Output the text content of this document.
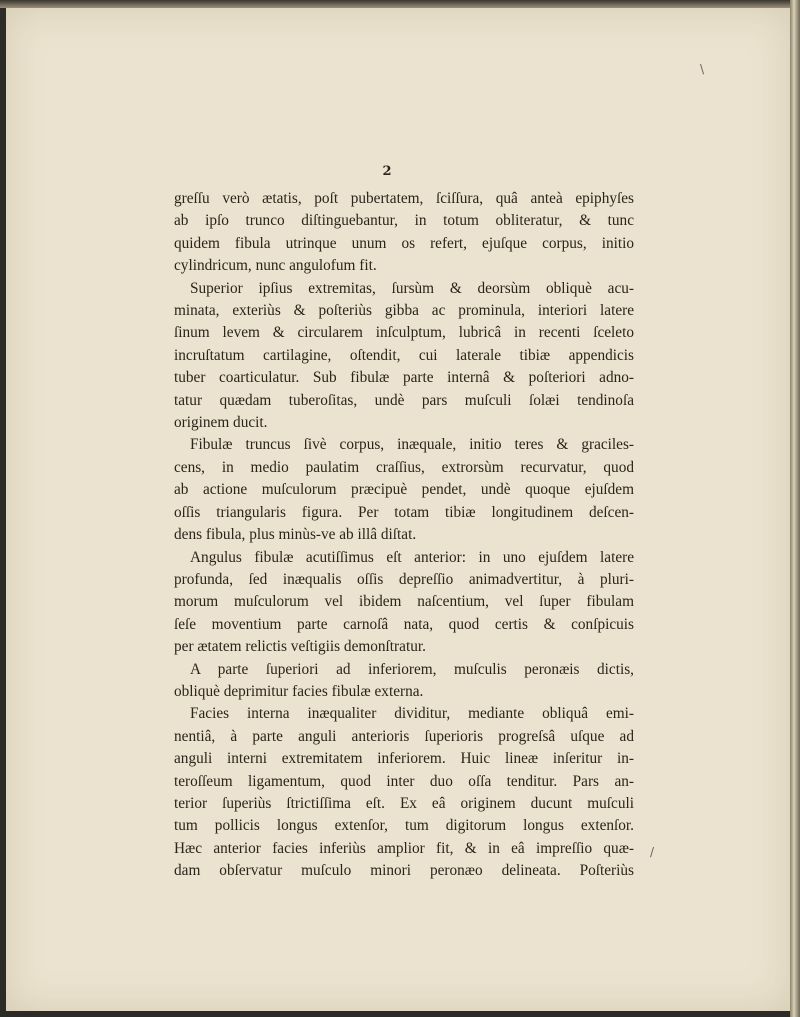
\
/
2
greſſu verò ætatis, poſt pubertatem, ſciſſura, quâ anteà epiphyſes
ab ipſo trunco diſtinguebantur, in totum obliteratur, & tunc
quidem fibula utrinque unum os refert, ejuſque corpus, initio
cylindricum, nunc angulofum fit.
Superior ipſius extremitas, ſursùm & deorsùm obliquè acu-
minata, exteriùs & poſteriùs gibba ac prominula, interiori latere
ſinum levem & circularem inſculptum, lubricâ in recenti ſceleto
incruſtatum cartilagine, oſtendit, cui laterale tibiæ appendicis
tuber coarticulatur. Sub fibulæ parte internâ & poſteriori adno-
tatur quædam tuberoſitas, undè pars muſculi ſolæi tendinoſa
originem ducit.
Fibulæ truncus ſivè corpus, inæquale, initio teres & graciles-
cens, in medio paulatim craſſius, extrorsùm recurvatur, quod
ab actione muſculorum præcipuè pendet, undè quoque ejuſdem
oſſis triangularis figura. Per totam tibiæ longitudinem deſcen-
dens fibula, plus minùs-ve ab illâ diſtat.
Angulus fibulæ acutiſſimus eſt anterior: in uno ejuſdem latere
profunda, ſed inæqualis oſſis depreſſio animadvertitur, à pluri-
morum muſculorum vel ibidem naſcentium, vel ſuper fibulam
ſeſe moventium parte carnoſâ nata, quod certis & conſpicuis
per ætatem relictis veſtigiis demonſtratur.
A parte ſuperiori ad inferiorem, muſculis peronæis dictis,
obliquè deprimitur facies fibulæ externa.
Facies interna inæqualiter dividitur, mediante obliquâ emi-
nentiâ, à parte anguli anterioris ſuperioris progreſsâ uſque ad
anguli interni extremitatem inferiorem. Huic lineæ inſeritur in-
teroſſeum ligamentum, quod inter duo oſſa tenditur. Pars an-
terior ſuperiùs ſtrictiſſima eſt. Ex eâ originem ducunt muſculi
tum pollicis longus extenſor, tum digitorum longus extenſor.
Hæc anterior facies inferiùs amplior fit, & in eâ impreſſio quæ-
dam obſervatur muſculo minori peronæo delineata. Poſteriùs
